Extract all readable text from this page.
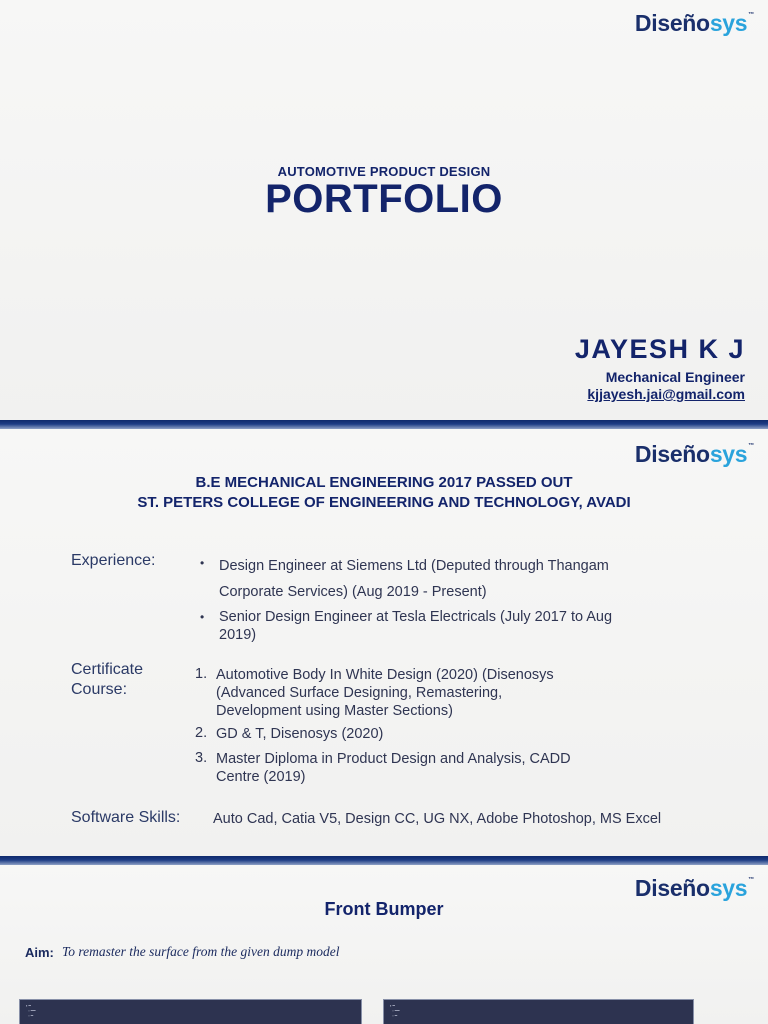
Diseñosys™
AUTOMOTIVE PRODUCT DESIGN
PORTFOLIO
JAYESH K J
Mechanical Engineer
kjjayesh.jai@gmail.com
Diseñosys™
B.E MECHANICAL ENGINEERING 2017 PASSED OUT
ST. PETERS COLLEGE OF ENGINEERING AND TECHNOLOGY, AVADI
Experience:	• Design Engineer at Siemens Ltd (Deputed through Thangam
Corporate Services) (Aug 2019 - Present)
• Senior Design Engineer at Tesla Electricals (July 2017 to Aug
2019)
Certificate
Course:
1. Automotive Body In White Design (2020) (Disenosys
(Advanced Surface Designing, Remastering,
Development using Master Sections)
2. GD & T, Disenosys (2020)
3. Master Diploma in Product Design and Analysis, CADD
Centre (2019)
Software Skills: Auto Cad, Catia V5, Design CC, UG NX, Adobe Photoshop, MS Excel
Diseñosys™
Front Bumper
Aim: To remaster the surface from the given dump model
▪ ━
▫ ━━
▫ ━
▪ ━
▫ ━━
▫ ━
